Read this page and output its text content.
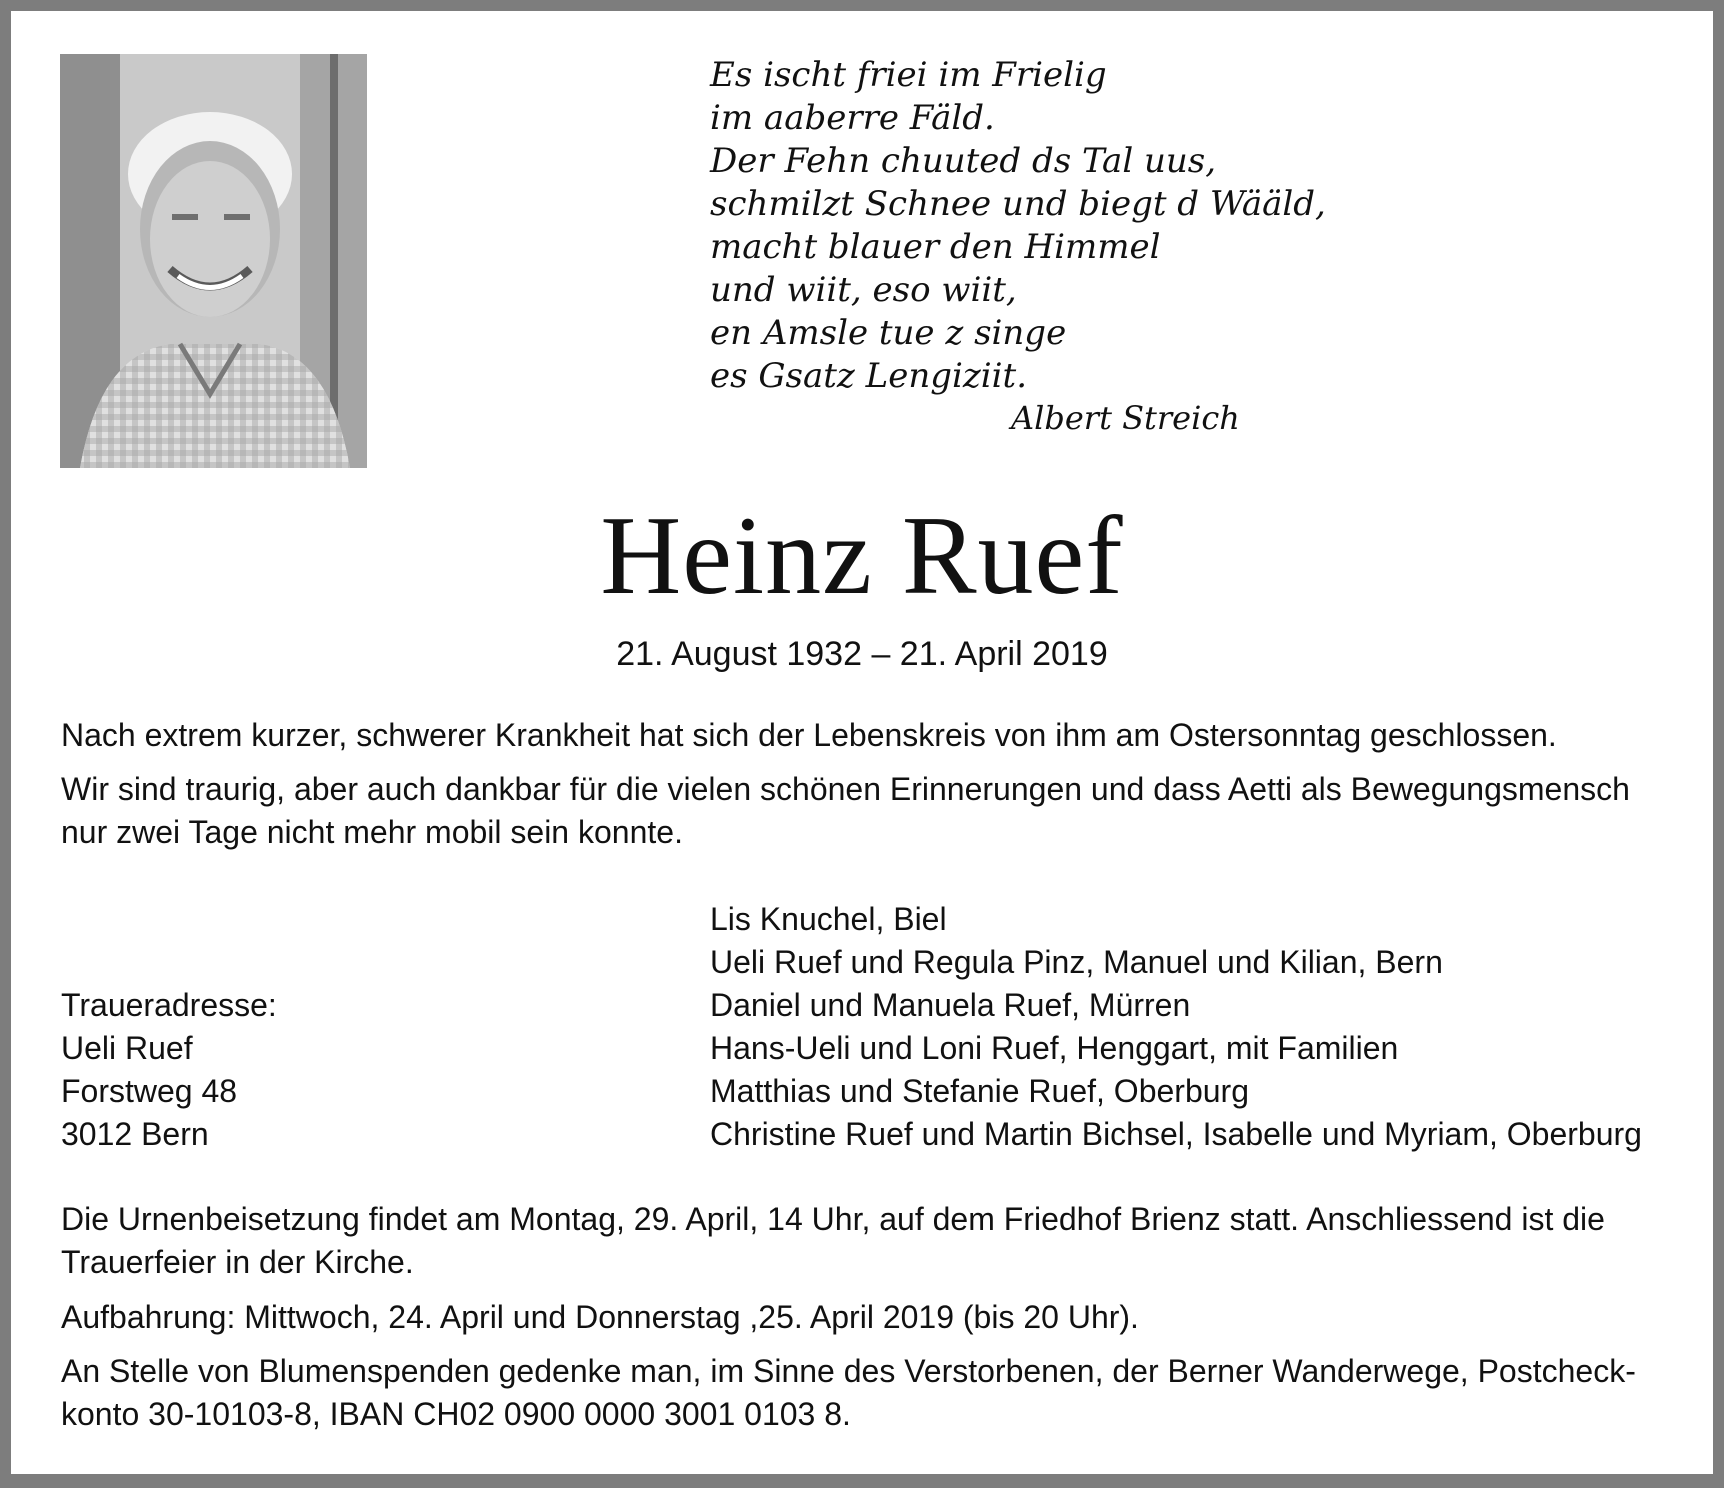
Es ischt friei im Frielig
im aaberre Fäld.
Der Fehn chuuted ds Tal uus,
schmilzt Schnee und biegt d Wääld,
macht blauer den Himmel
und wiit, eso wiit,
en Amsle tue z singe
es Gsatz Lengiziit.
Albert Streich
Heinz Ruef
21. August 1932 – 21. April 2019
Nach extrem kurzer, schwerer Krankheit hat sich der Lebenskreis von ihm am Ostersonntag geschlossen.
Wir sind traurig, aber auch dankbar für die vielen schönen Erinnerungen und dass Aetti als Bewegungsmensch nur zwei Tage nicht mehr mobil sein konnte.
Traueradresse:
Ueli Ruef
Forstweg 48
3012 Bern
Lis Knuchel, Biel
Ueli Ruef und Regula Pinz, Manuel und Kilian, Bern
Daniel und Manuela Ruef, Mürren
Hans-Ueli und Loni Ruef, Henggart, mit Familien
Matthias und Stefanie Ruef, Oberburg
Christine Ruef und Martin Bichsel, Isabelle und Myriam, Oberburg
Die Urnenbeisetzung findet am Montag, 29. April, 14 Uhr, auf dem Friedhof Brienz statt. Anschliessend ist die Trauerfeier in der Kirche.
Aufbahrung: Mittwoch, 24. April und Donnerstag ,25. April 2019 (bis 20 Uhr).
An Stelle von Blumenspenden gedenke man, im Sinne des Verstorbenen, der Berner Wanderwege, Postcheckkonto 30-10103-8, IBAN CH02 0900 0000 3001 0103 8.
